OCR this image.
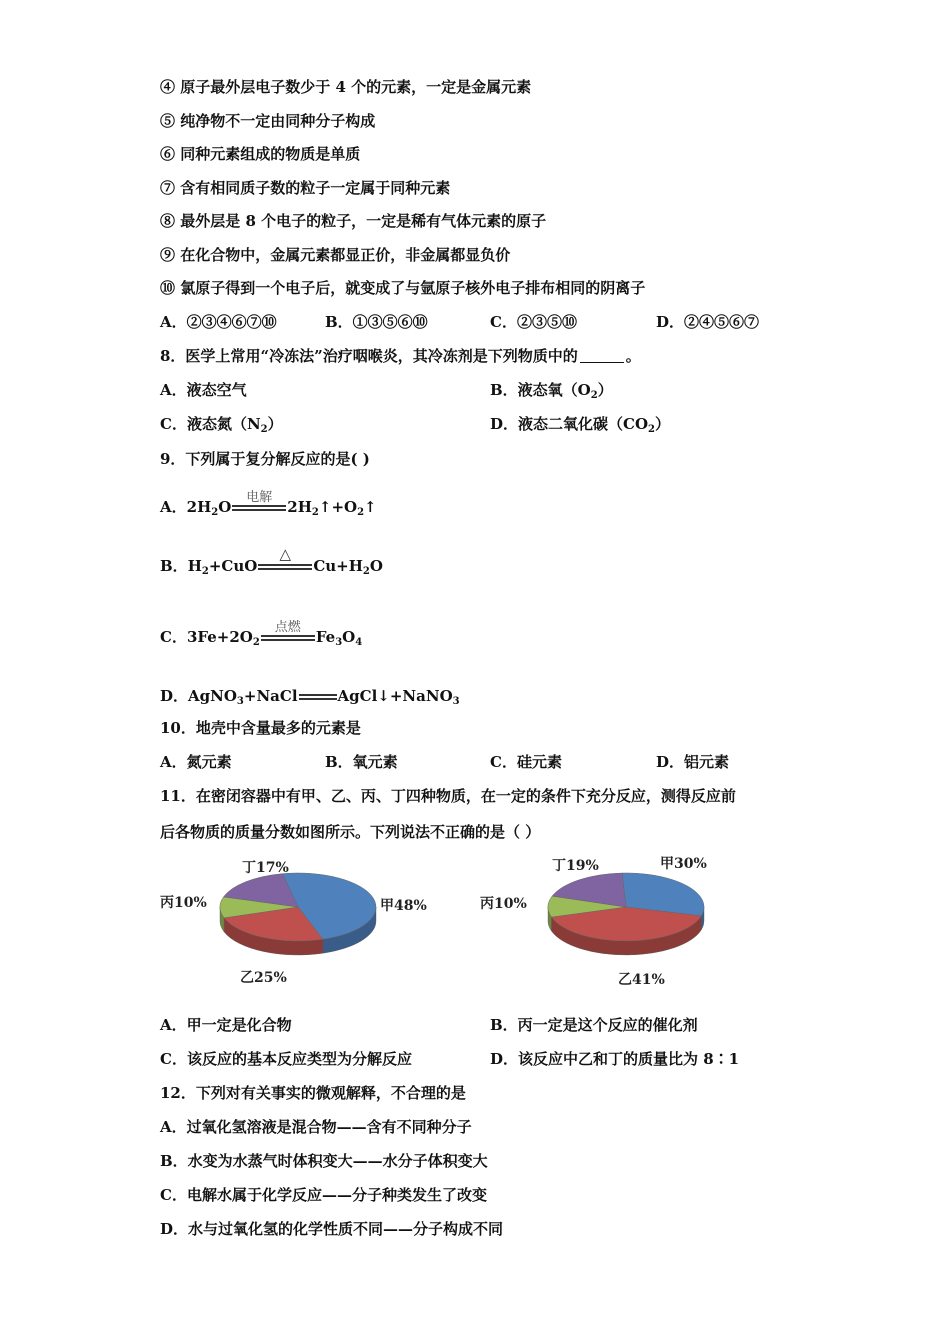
④ 原子最外层电子数少于 4 个的元素，一定是金属元素
⑤ 纯净物不一定由同种分子构成
⑥ 同种元素组成的物质是单质
⑦ 含有相同质子数的粒子一定属于同种元素
⑧ 最外层是 8 个电子的粒子，一定是稀有气体元素的原子
⑨ 在化合物中，金属元素都显正价，非金属都显负价
⑩ 氯原子得到一个电子后，就变成了与氩原子核外电子排布相同的阴离子
A．②③④⑥⑦⑩	B．①③⑤⑥⑩	C．②③⑤⑩	D．②④⑤⑥⑦
8．医学上常用“冷冻法”治疗咽喉炎，其冷冻剂是下列物质中的	。
A．液态空气	B．液态氧$(O_2)$
C．液态氮$(N_2)$	D．液态二氧化碳$(CO_2)$
9．下列属于复分解反应的是( )
A．$2H_2O$
电解
$2H_2↑+O_2↑$
B．$H_2+CuO$
△
$Cu+H_2O$
C．$3Fe+2O_2$
点燃
$Fe_3O_4$
D．AgNO$_3$+NaCl	AgCl↓+NaNO$_3$
10．地壳中含量最多的元素是
A．氮元素	B．氧元素	C．硅元素	D．铝元素
11．在密闭容器中有甲、乙、丙、丁四种物质，在一定的条件下充分反应，测得反应前
后各物质的质量分数如图所示。下列说法不正确的是（ ）
甲48%
乙25%
丙10%
丁17%	甲30%
乙41%
丙10%
丁19%
A．甲一定是化合物	B．丙一定是这个反应的催化剂
C．该反应的基本反应类型为分解反应	D．该反应中乙和丁的质量比为 8∶1
12．下列对有关事实的微观解释，不合理的是
A．过氧化氢溶液是混合物——含有不同种分子
B．水变为水蒸气时体积变大——水分子体积变大
C．电解水属于化学反应——分子种类发生了改变
D．水与过氧化氢的化学性质不同——分子构成不同
